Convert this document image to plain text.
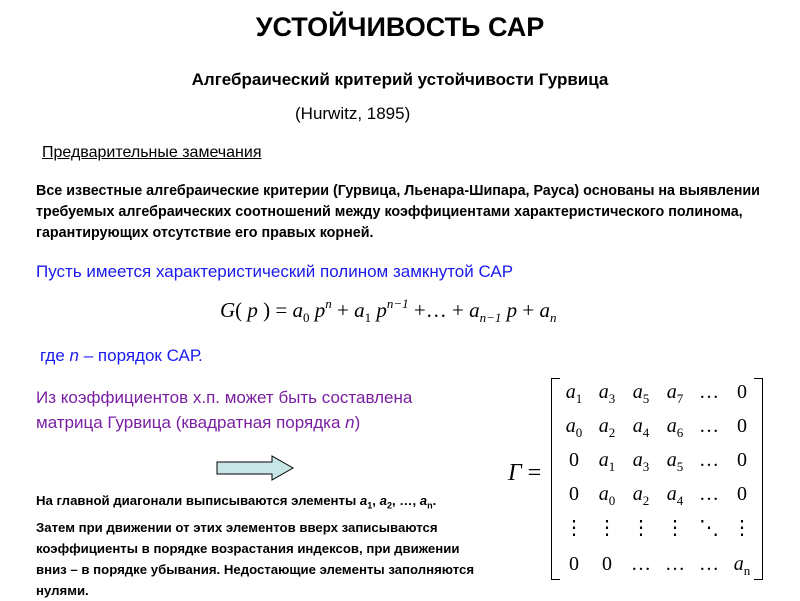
УСТОЙЧИВОСТЬ САР
Алгебраический критерий устойчивости Гурвица
(Hurwitz, 1895)
Предварительные замечания
Все известные алгебраические критерии (Гурвица, Льенара-Шипара, Рауса) основаны на выявлении требуемых алгебраических соотношений между коэффициентами характеристического полинома, гарантирующих отсутствие его правых корней.
Пусть имеется характеристический полином замкнутой САР
G( p ) = $a_0$ $p^n + a_1$ $p^{n-1}$ +… + $a_{n-1}$ $p + a_n$
где n – порядок САР.
Из коэффициентов х.п. может быть составлена матрица Гурвица (квадратная порядка n)
На главной диагонали выписываются элементы $a_1$, $a_2$, …, $a_n$. Затем при движении от этих элементов вверх записываются коэффициенты в порядке возрастания индексов, при движении вниз – в порядке убывания. Недостающие элементы заполняются нулями.
Γ =
$a_1$ $a_3$ $a_5$ $a_7$ … 0
$a_0$ $a_2$ $a_4$ $a_6$ … 0
0 $a_1$ $a_3$ $a_5$ … 0
0 $a_0$ $a_2$ $a_4$ … 0
⋮ ⋮ ⋮ ⋮ ⋱ ⋮
0	0 … … … $a_n$
